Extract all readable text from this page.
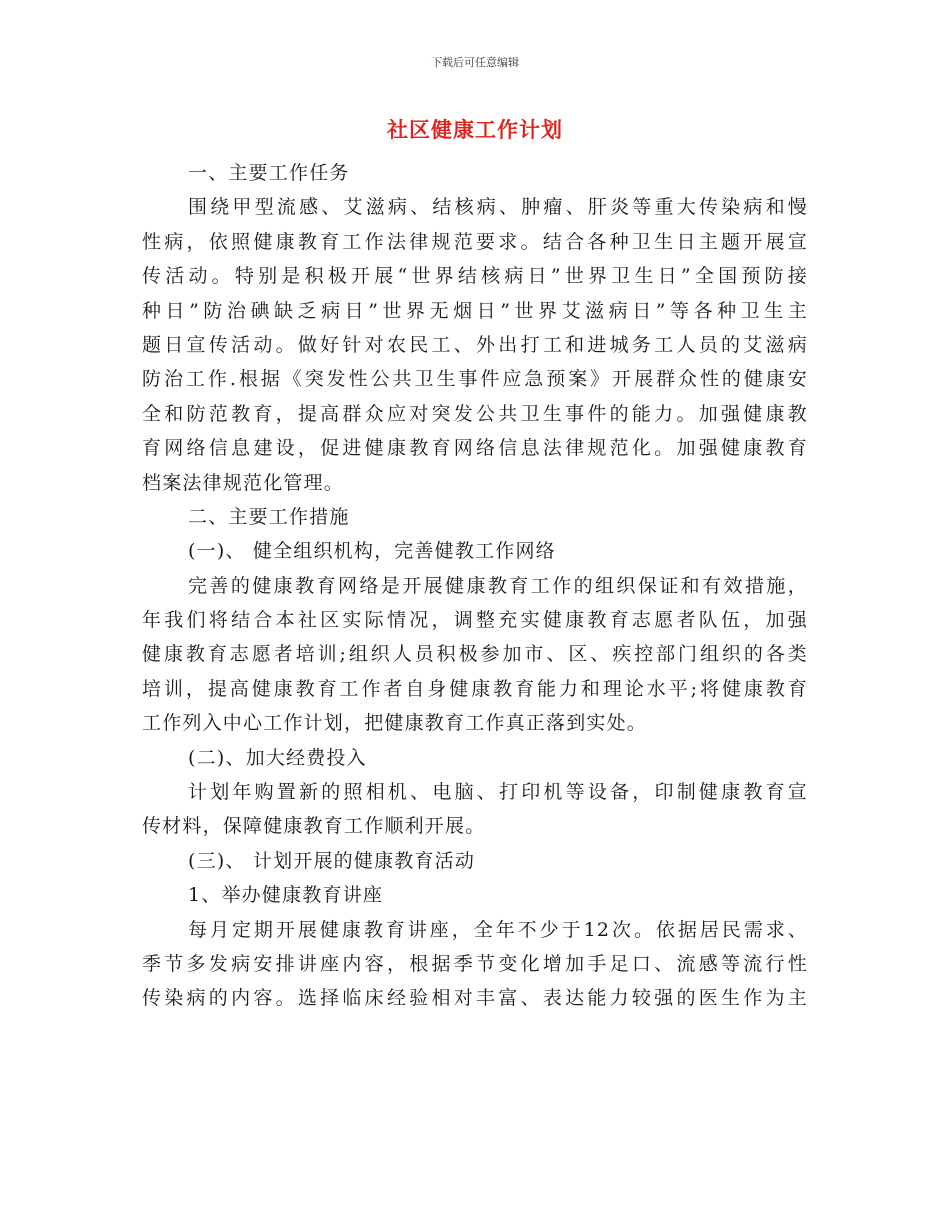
下载后可任意编辑
社区健康工作计划
一、主要工作任务
围绕甲型流感、艾滋病、结核病、肿瘤、肝炎等重大传染病和慢
性病，依照健康教育工作法律规范要求。结合各种卫生日主题开展宣
传活动。特别是积极开展“世界结核病日”世界卫生日”全国预防接
种日”防治碘缺乏病日”世界无烟日”世界艾滋病日”等各种卫生主
题日宣传活动。做好针对农民工、外出打工和进城务工人员的艾滋病
防治工作.根据《突发性公共卫生事件应急预案》开展群众性的健康安
全和防范教育，提高群众应对突发公共卫生事件的能力。加强健康教
育网络信息建设，促进健康教育网络信息法律规范化。加强健康教育
档案法律规范化管理。
二、主要工作措施
(一)、 健全组织机构，完善健教工作网络
完善的健康教育网络是开展健康教育工作的组织保证和有效措施，
年我们将结合本社区实际情况，调整充实健康教育志愿者队伍，加强
健康教育志愿者培训;组织人员积极参加市、区、疾控部门组织的各类
培训，提高健康教育工作者自身健康教育能力和理论水平;将健康教育
工作列入中心工作计划，把健康教育工作真正落到实处。
(二)、加大经费投入
计划年购置新的照相机、电脑、打印机等设备，印制健康教育宣
传材料，保障健康教育工作顺利开展。
(三)、 计划开展的健康教育活动
1、举办健康教育讲座
每月定期开展健康教育讲座，全年不少于12次。依据居民需求、
季节多发病安排讲座内容，根据季节变化增加手足口、流感等流行性
传染病的内容。选择临床经验相对丰富、表达能力较强的医生作为主
